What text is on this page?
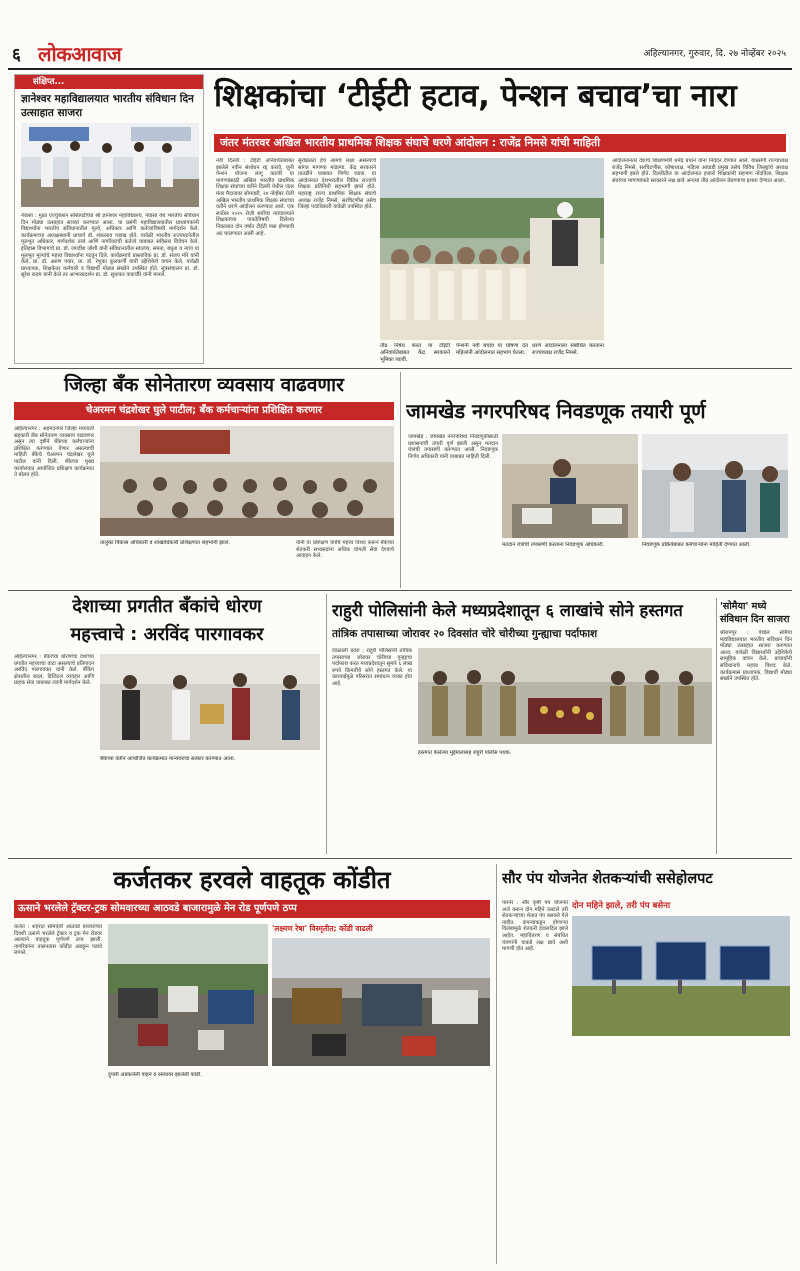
६ लोकआवाज	अहिल्यानगर, गुरुवार, दि. २७ नोव्हेंबर २०२५
संक्षिप्त...
ज्ञानेश्वर महाविद्यालयात भारतीय संविधान दिन उत्साहात साजरा
नेवासा : मुळा एज्युकेशन सोसायटीच्या श्री ज्ञानेश्वर महाविद्यालय, नेवासा येथे भारतीय संविधान दिन मोठ्या उत्साहात साजरा करण्यात आला. या प्रसंगी महाविद्यालयातील प्राध्यापकांनी विद्यार्थ्यांना भारतीय संविधानातील मूल्ये, अधिकार आणि कर्तव्यांविषयी मार्गदर्शन केले. कार्यक्रमाच्या अध्यक्षस्थानी प्राचार्य डॉ. शंकरराव गडाख होते. यावेळी भारतीय राज्यघटनेतील मूलभूत अधिकार, मार्गदर्शक तत्त्वे आणि नागरिकांची कर्तव्ये याबाबत सविस्तर विवेचन केले. इतिहास विभागाचे प्रा. डॉ. जगदीश जोशी यांनी संविधानातील स्वातंत्र्य, समता, बंधुता व न्याय या मूलभूत मूल्यांचे महत्त्व विद्यार्थ्यांना पटवून दिले. कार्यक्रमाचे प्रास्ताविक प्रा. डॉ. संजय मोरे यांनी केले. प्रा. डॉ. अरुण पवार, प्रा. डॉ. रेणुका कुलकर्णी यांनी उद्देशिकेचे वाचन केले. यावेळी प्राध्यापक, शिक्षकेतर कर्मचारी व विद्यार्थी मोठ्या संख्येने उपस्थित होते. सूत्रसंचालन प्रा. डॉ. सुरेश कदम यांनी केले तर आभारप्रदर्शन प्रा. डॉ. सुधाकर वाकचौरे यांनी मानले.
शिक्षकांचा ‘टीईटी हटाव, पेन्शन बचाव’चा नारा
जंतर मंतरवर अखिल भारतीय प्राथमिक शिक्षक संघाचे धरणे आंदोलन : राजेंद्र निमसे यांची माहिती
नवी दिल्ली : टीईटी अनिवार्यतेबाबत झालेले नवीन संशोधन रद्द करावे, जुनी पेन्शन योजना लागू करावी या मागण्यांसाठी अखिल भारतीय प्राथमिक शिक्षक संघाच्या वतीने दिल्ली येथील जंतर मंतर मैदानावर सोमवारी, २४ नोव्हेंबर रोजी अखिल भारतीय प्राथमिक शिक्षक संघाच्या वतीने धरणे आंदोलन करण्यात आले. एक सप्टेंबर २०२५ रोजी सर्वोच्च न्यायालयाने शिक्षकांच्या पात्रतेविषयी दिलेल्या निकालात दोन वर्षात टीईटी पास होण्याची अट घालण्यात आली आहे.
सुरक्षितता हेच आमचे लक्ष्य असल्याचे सांगत मागण्या मांडल्या. केंद्र सरकारने तातडीने याबाबत निर्णय घ्यावा. या आंदोलनात देशभरातील विविध राज्यांचे शिक्षक प्रतिनिधी सहभागी झाले होते. महाराष्ट्र राज्य प्राथमिक शिक्षक संघाचे अध्यक्ष राजेंद्र निमसे, सरचिटणीस तसेच जिल्हा पदाधिकारी यावेळी उपस्थित होते.
तीव्र निषेध करत या टीईटी अनिवार्यतेबाबत केंद्र सरकारने भूमिका घ्यावी.
पेन्शनी नवी बचाव या घोषणा देत महिलांनी आंदोलनात सहभाग घेतला.
धरणे आंदोलनाला संबोधित करताना राज्याध्यक्ष राजेंद्र निमसे.
आंदोलनानंतर देशाचे शिक्षणमंत्री धर्मेंद्र प्रधान यांना निवेदन देण्यात आले. याप्रसंगी राज्याध्यक्ष राजेंद्र निमसे, सरचिटणीस, कोषाध्यक्ष, महिला आघाडी प्रमुख तसेच विविध जिल्ह्यांचे अध्यक्ष सहभागी झाले होते. दिल्लीतील या आंदोलनात हजारो शिक्षकांनी सहभाग नोंदविला. शिक्षक संघाच्या मागण्यांकडे सरकारने लक्ष द्यावे अन्यथा तीव्र आंदोलन छेडण्याचा इशारा देण्यात आला.
जिल्हा बँक सोनेतारण व्यवसाय वाढवणार
चेअरमन चंद्रशेखर घुले पाटील; बँक कर्मचाऱ्यांना प्रशिक्षित करणार
अहिल्यानगर : अहमदनगर जिल्हा मध्यवर्ती सहकारी बँक सोनेतारण व्यवसाय वाढवणार असून त्या दृष्टीने बँकेच्या कर्मचाऱ्यांना प्रशिक्षित करण्यात येणार असल्याची माहिती बँकेचे चेअरमन चंद्रशेखर घुले पाटील यांनी दिली. बँकेच्या मुख्य कार्यालयात आयोजित प्रशिक्षण कार्यक्रमात ते बोलत होते.
तालुका विकास अधिकारी व शाखाधिकारी प्रशिक्षणात सहभागी झाले.	यांनी या प्रशिक्षण वर्गाचे महत्त्व विशद करून बँकेच्या शेतकरी सभासदांना अधिक चांगली सेवा देण्याचे आवाहन केले.
जामखेड नगरपरिषद निवडणूक तयारी पूर्ण
जामखेड : जामखेड नगरपरिषद निवडणुकीसाठी प्रशासनाची तयारी पूर्ण झाली असून मतदान यंत्रांची तपासणी करण्यात आली. निवडणूक निर्णय अधिकारी यांनी याबाबत माहिती दिली.
मतदान यंत्रांची तपासणी करताना निवडणूक अधिकारी.	निवडणूक प्रक्रियेबाबत कर्मचाऱ्यांना माहिती देण्यात आली.
देशाच्या प्रगतीत बँकांचे धोरण
महत्त्वाचे : अरविंद पारगावकर
अहिल्यानगर : बँकांच्या धोरणांचा देशाच्या प्रगतीत महत्त्वाचा वाटा असल्याचे प्रतिपादन अरविंद पारगावकर यांनी केले. बँकिंग क्षेत्रातील बदल, डिजिटल व्यवहार आणि ग्राहक सेवा याबाबत त्यांनी मार्गदर्शन केले.
बँकेच्या वतीने आयोजित कार्यक्रमात मान्यवरांचा सत्कार करण्यात आला.
राहुरी पोलिसांनी केले मध्यप्रदेशातून ६ लाखांचे सोने हस्तगत
तांत्रिक तपासाच्या जोरावर २० दिवसांत चोरे चोरीच्या गुन्ह्याचा पर्दाफाश
देवळाली प्रवरा : राहुरी पोलिसांनी तांत्रिक तपासाच्या जोरावर चोरीच्या गुन्ह्याचा पर्दाफाश करत मध्यप्रदेशातून सुमारे ६ लाख रुपये किमतीचे सोने हस्तगत केले. या कारवाईमुळे परिसरात समाधान व्यक्त होत आहे.
हस्तगत केलेल्या मुद्देमालासह राहुरी पोलीस पथक.
'सोमैया' मध्ये संविधान दिन साजरा
श्रीरामपूर : येथील सोमैया महाविद्यालयात भारतीय संविधान दिन मोठ्या उत्साहात साजरा करण्यात आला. यावेळी विद्यार्थ्यांनी उद्देशिकेचे सामूहिक वाचन केले. प्राचार्यांनी संविधानाचे महत्त्व विशद केले. कार्यक्रमास प्राध्यापक, विद्यार्थी मोठ्या संख्येने उपस्थित होते.
कर्जतकर हरवले वाहतूक कोंडीत
ऊसाने भरलेले ट्रॅक्टर-ट्रक सोमवारच्या आठवडे बाजारामुळे मेन रोड पूर्णपणे ठप्प
कर्जत : शहरात सोमवारी आठवडे बाजाराच्या दिवशी ऊसाने भरलेले ट्रॅक्टर व ट्रक मेन रोडवर आल्याने वाहतूक पूर्णपणे ठप्प झाली. नागरिकांना तासनतास कोंडीत अडकून पडावे लागले.
'लक्ष्मण रेषा' विस्मृतीत; कोंडी वाढली
दुपारी अडकलेली वाहने व रस्त्यावर झालेली कोंडी.
सौर पंप योजनेत शेतकऱ्यांची ससेहोलपट
दोन महिने झाले, तरी पंप बसेना
पारनेर : सौर कृषी पंप योजनेत अर्ज करून दोन महिने उलटले तरी शेतकऱ्यांच्या शेतात पंप बसवले गेले नाहीत. कंपन्यांकडून होणाऱ्या विलंबामुळे शेतकरी हवालदिल झाले आहेत. महावितरण व संबंधित यंत्रणांनी याकडे लक्ष द्यावे अशी मागणी होत आहे.
